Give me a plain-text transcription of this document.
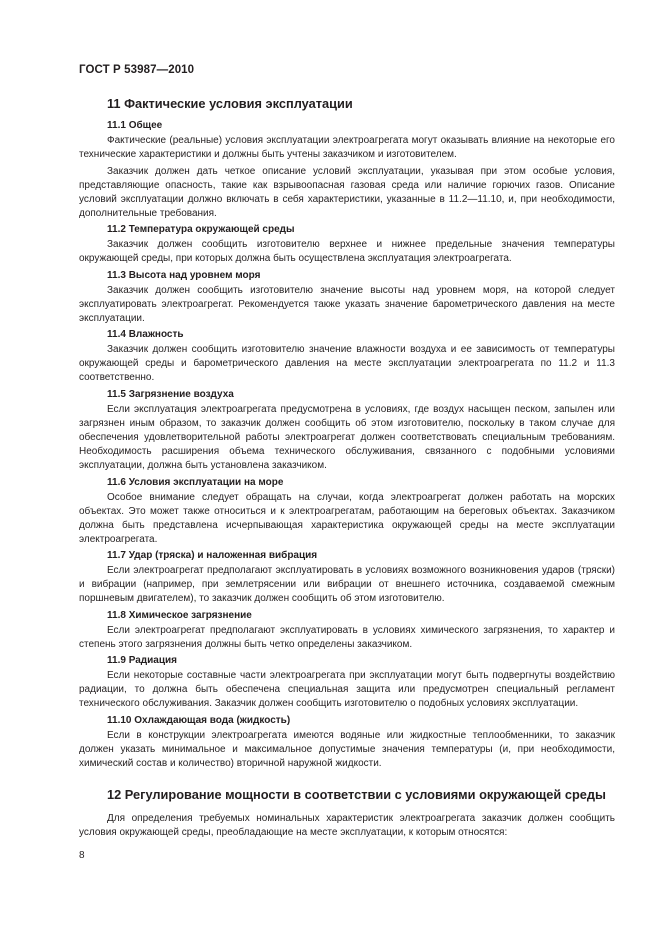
ГОСТ Р 53987—2010
11 Фактические условия эксплуатации
11.1 Общее

Фактические (реальные) условия эксплуатации электроагрегата могут оказывать влияние на некоторые его технические характеристики и должны быть учтены заказчиком и изготовителем.

Заказчик должен дать четкое описание условий эксплуатации, указывая при этом особые условия, представляющие опасность, такие как взрывоопасная газовая среда или наличие горючих газов. Описание условий эксплуатации должно включать в себя характеристики, указанные в 11.2—11.10, и, при необходимости, дополнительные требования.

11.2 Температура окружающей среды

Заказчик должен сообщить изготовителю верхнее и нижнее предельные значения температуры окружающей среды, при которых должна быть осуществлена эксплуатация электроагрегата.

11.3 Высота над уровнем моря

Заказчик должен сообщить изготовителю значение высоты над уровнем моря, на которой следует эксплуатировать электроагрегат. Рекомендуется также указать значение барометрического давления на месте эксплуатации.

11.4 Влажность

Заказчик должен сообщить изготовителю значение влажности воздуха и ее зависимость от температуры окружающей среды и барометрического давления на месте эксплуатации электроагрегата по 11.2 и 11.3 соответственно.

11.5 Загрязнение воздуха

Если эксплуатация электроагрегата предусмотрена в условиях, где воздух насыщен песком, запылен или загрязнен иным образом, то заказчик должен сообщить об этом изготовителю, поскольку в таком случае для обеспечения удовлетворительной работы электроагрегат должен соответствовать специальным требованиям. Необходимость расширения объема технического обслуживания, связанного с подобными условиями эксплуатации, должна быть установлена заказчиком.

11.6 Условия эксплуатации на море

Особое внимание следует обращать на случаи, когда электроагрегат должен работать на морских объектах. Это может также относиться и к электроагрегатам, работающим на береговых объектах. Заказчиком должна быть представлена исчерпывающая характеристика окружающей среды на месте эксплуатации электроагрегата.

11.7 Удар (тряска) и наложенная вибрация

Если электроагрегат предполагают эксплуатировать в условиях возможного возникновения ударов (тряски) и вибрации (например, при землетрясении или вибрации от внешнего источника, создаваемой смежным поршневым двигателем), то заказчик должен сообщить об этом изготовителю.

11.8 Химическое загрязнение

Если электроагрегат предполагают эксплуатировать в условиях химического загрязнения, то характер и степень этого загрязнения должны быть четко определены заказчиком.

11.9 Радиация

Если некоторые составные части электроагрегата при эксплуатации могут быть подвергнуты воздействию радиации, то должна быть обеспечена специальная защита или предусмотрен специальный регламент технического обслуживания. Заказчик должен сообщить изготовителю о подобных условиях эксплуатации.

11.10 Охлаждающая вода (жидкость)

Если в конструкции электроагрегата имеются водяные или жидкостные теплообменники, то заказчик должен указать минимальное и максимальное допустимые значения температуры (и, при необходимости, химический состав и количество) вторичной наружной жидкости.

12 Регулирование мощности в соответствии с условиями окружающей среды

Для определения требуемых номинальных характеристик электроагрегата заказчик должен сообщить условия окружающей среды, преобладающие на месте эксплуатации, к которым относятся:

8
